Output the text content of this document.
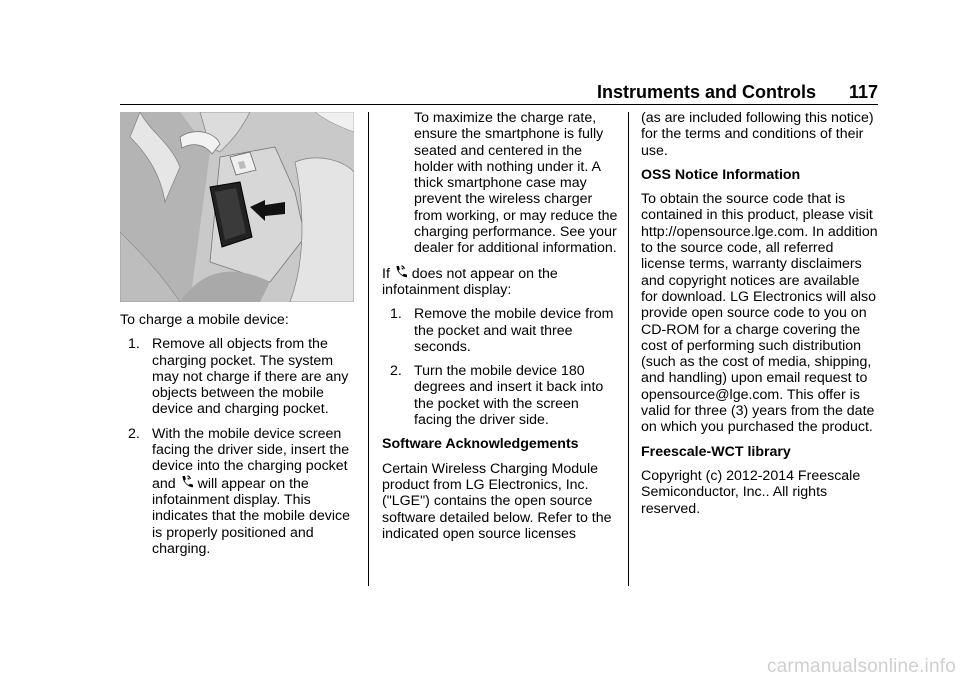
Instruments and Controls 117

To charge a mobile device:

1. Remove all objects from the charging pocket. The system may not charge if there are any objects between the mobile device and charging pocket.
2. With the mobile device screen facing the driver side, insert the device into the charging pocket and will appear on the infotainment display. This indicates that the mobile device is properly positioned and charging.

To maximize the charge rate, ensure the smartphone is fully seated and centered in the holder with nothing under it. A thick smartphone case may prevent the wireless charger from working, or may reduce the charging performance. See your dealer for additional information.

If does not appear on the infotainment display:

1. Remove the mobile device from the pocket and wait three seconds.
2. Turn the mobile device 180 degrees and insert it back into the pocket with the screen facing the driver side.

Software Acknowledgements

Certain Wireless Charging Module product from LG Electronics, Inc. ("LGE") contains the open source software detailed below. Refer to the indicated open source licenses

(as are included following this notice) for the terms and conditions of their use.

OSS Notice Information

To obtain the source code that is contained in this product, please visit http://opensource.lge.com. In addition to the source code, all referred license terms, warranty disclaimers and copyright notices are available for download. LG Electronics will also provide open source code to you on CD-ROM for a charge covering the cost of performing such distribution (such as the cost of media, shipping, and handling) upon email request to opensource@lge.com. This offer is valid for three (3) years from the date on which you purchased the product.

Freescale-WCT library

Copyright (c) 2012-2014 Freescale Semiconductor, Inc.. All rights reserved.

carmanualsonline.info
